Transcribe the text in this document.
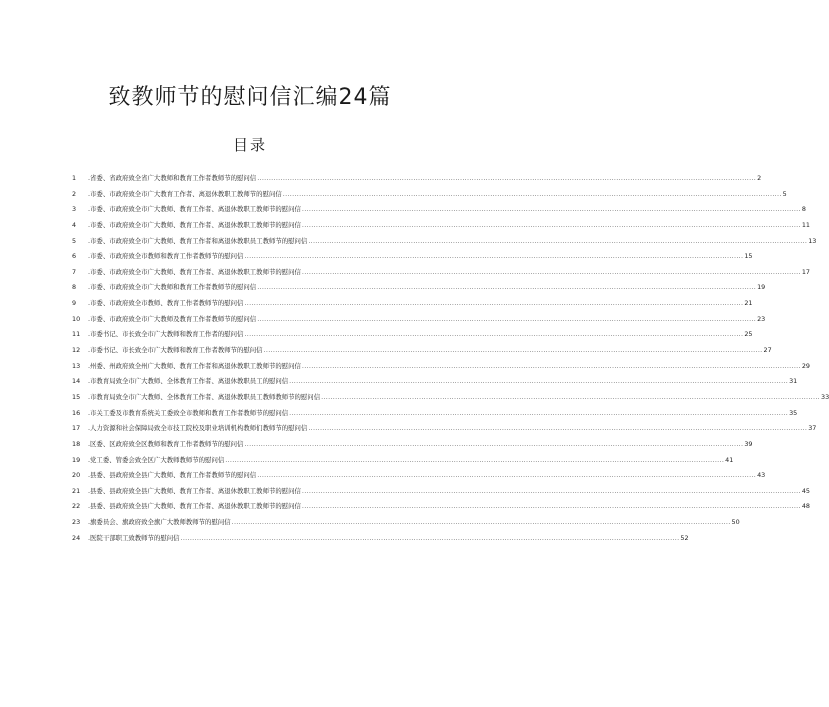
致教师节的慰问信汇编24篇
目录
1	.省委、省政府致全省广大教师和教育工作者教师节的慰问信 .....	2
2	.市委、市政府致全市广大教育工作者、离退休教职工教师节的慰问信 .....	5
3	.市委、市政府致全市广大教师、教育工作者、离退休教职工教师节的慰问信 .....	8
4	.市委、市政府致全市广大教师、教育工作者、离退休教职工教师节的慰问信 .....	11
5	.市委、市政府致全市广大教师、教育工作者和离退休教职员工教师节的慰问信 .....	13
6	.市委、市政府致全市教师和教育工作者教师节的慰问信 .....	15
7	.市委、市政府致全市广大教师、教育工作者、离退休教职工教师节的慰问信 .....	17
8	.市委、市政府致全市广大教师和教育工作者教师节的慰问信 .....	19
9	.市委、市政府致全市教师、教育工作者教师节的慰问信 .....	21
10	.市委、市政府致全市广大教师及教育工作者教师节的慰问信 .....	23
11	.市委书记、市长致全市广大教师和教育工作者的慰问信 .....	25
12	.市委书记、市长致全市广大教师和教育工作者教师节的慰问信 .....	27
13	.州委、州政府致全州广大教师、教育工作者和离退休教职工教师节的慰问信 .....	29
14	.市教育局致全市广大教师、全体教育工作者、离退休教职员工的慰问信 .....	31
15	.市教育局致全市广大教师、全体教育工作者、离退休教职员工教师教师节的慰问信 .....	33
16	.市关工委及市教育系统关工委致全市教师和教育工作者教师节的慰问信 .....	35
17	.人力资源和社会保障局致全市技工院校及职业培训机构教师们教师节的慰问信 .....	37
18	.区委、区政府致全区教师和教育工作者教师节的慰问信 .....	39
19	.党工委、管委会致全区广大教师教师节的慰问信 .....	41
20	.县委、县政府致全县广大教师、教育工作者教师节的慰问信 .....	43
21	.县委、县政府致全县广大教师、教育工作者、离退休教职工教师节的慰问信 .....	45
22	.县委、县政府致全县广大教师、教育工作者、离退休教职工教师节的慰问信 .....	48
23	.旗委员会、旗政府致全旗广大教师教师节的慰问信 .....	50
24	.医院干部职工致教师节的慰问信 .....	52
